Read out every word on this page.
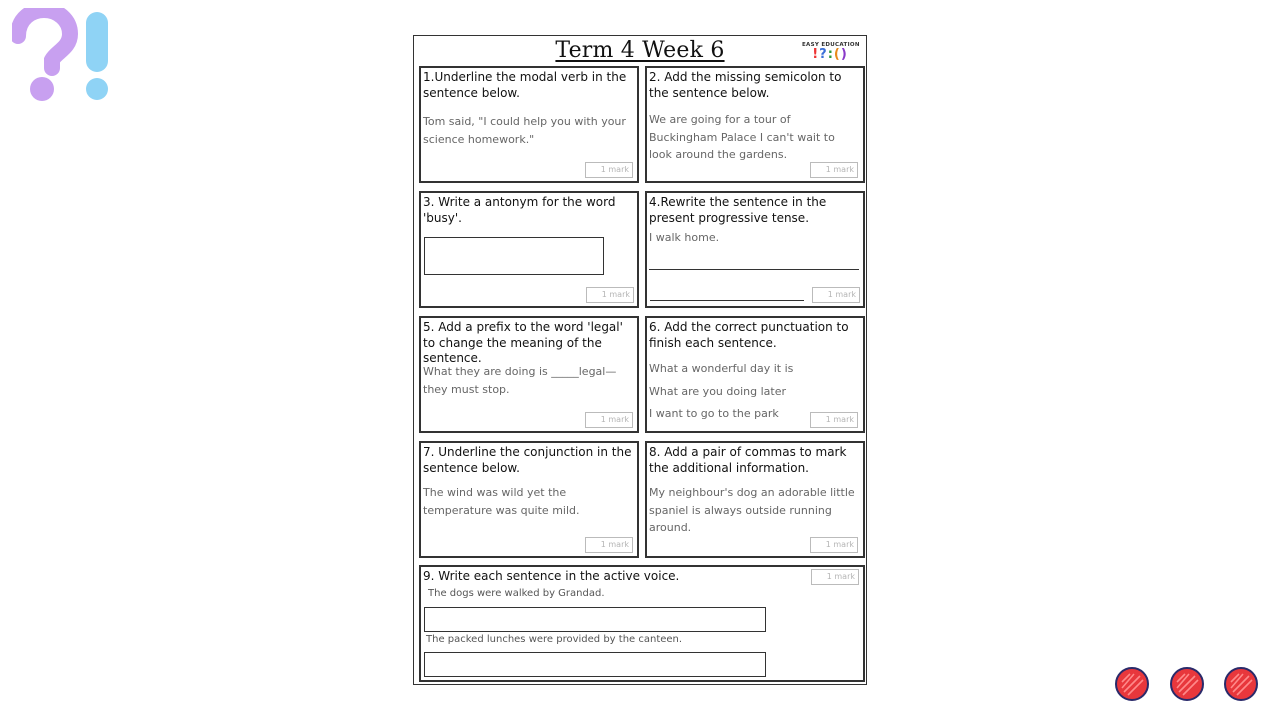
Term 4 Week 6	EASY EDUCATION
!?:()
1.Underline the modal verb in the sentence below.
Tom said, "I could help you with your science homework."
1 mark
2. Add the missing semicolon to the sentence below.
We are going for a tour of Buckingham Palace I can't wait to look around the gardens.
1 mark
3. Write a antonym for the word 'busy'.
1 mark
4.Rewrite the sentence in the present progressive tense.
I walk home.
1 mark
5. Add a prefix to the word 'legal' to change the meaning of the sentence.
What they are doing is _____legal—they must stop.
1 mark
6. Add the correct punctuation to finish each sentence.
What a wonderful day it is
What are you doing later
I want to go to the park	1 mark
7. Underline the conjunction in the sentence below.
The wind was wild yet the temperature was quite mild.
1 mark
8. Add a pair of commas to mark the additional information.
My neighbour's dog an adorable little spaniel is always outside running around.
1 mark
9. Write each sentence in the active voice.	1 mark
The dogs were walked by Grandad.
The packed lunches were provided by the canteen.
